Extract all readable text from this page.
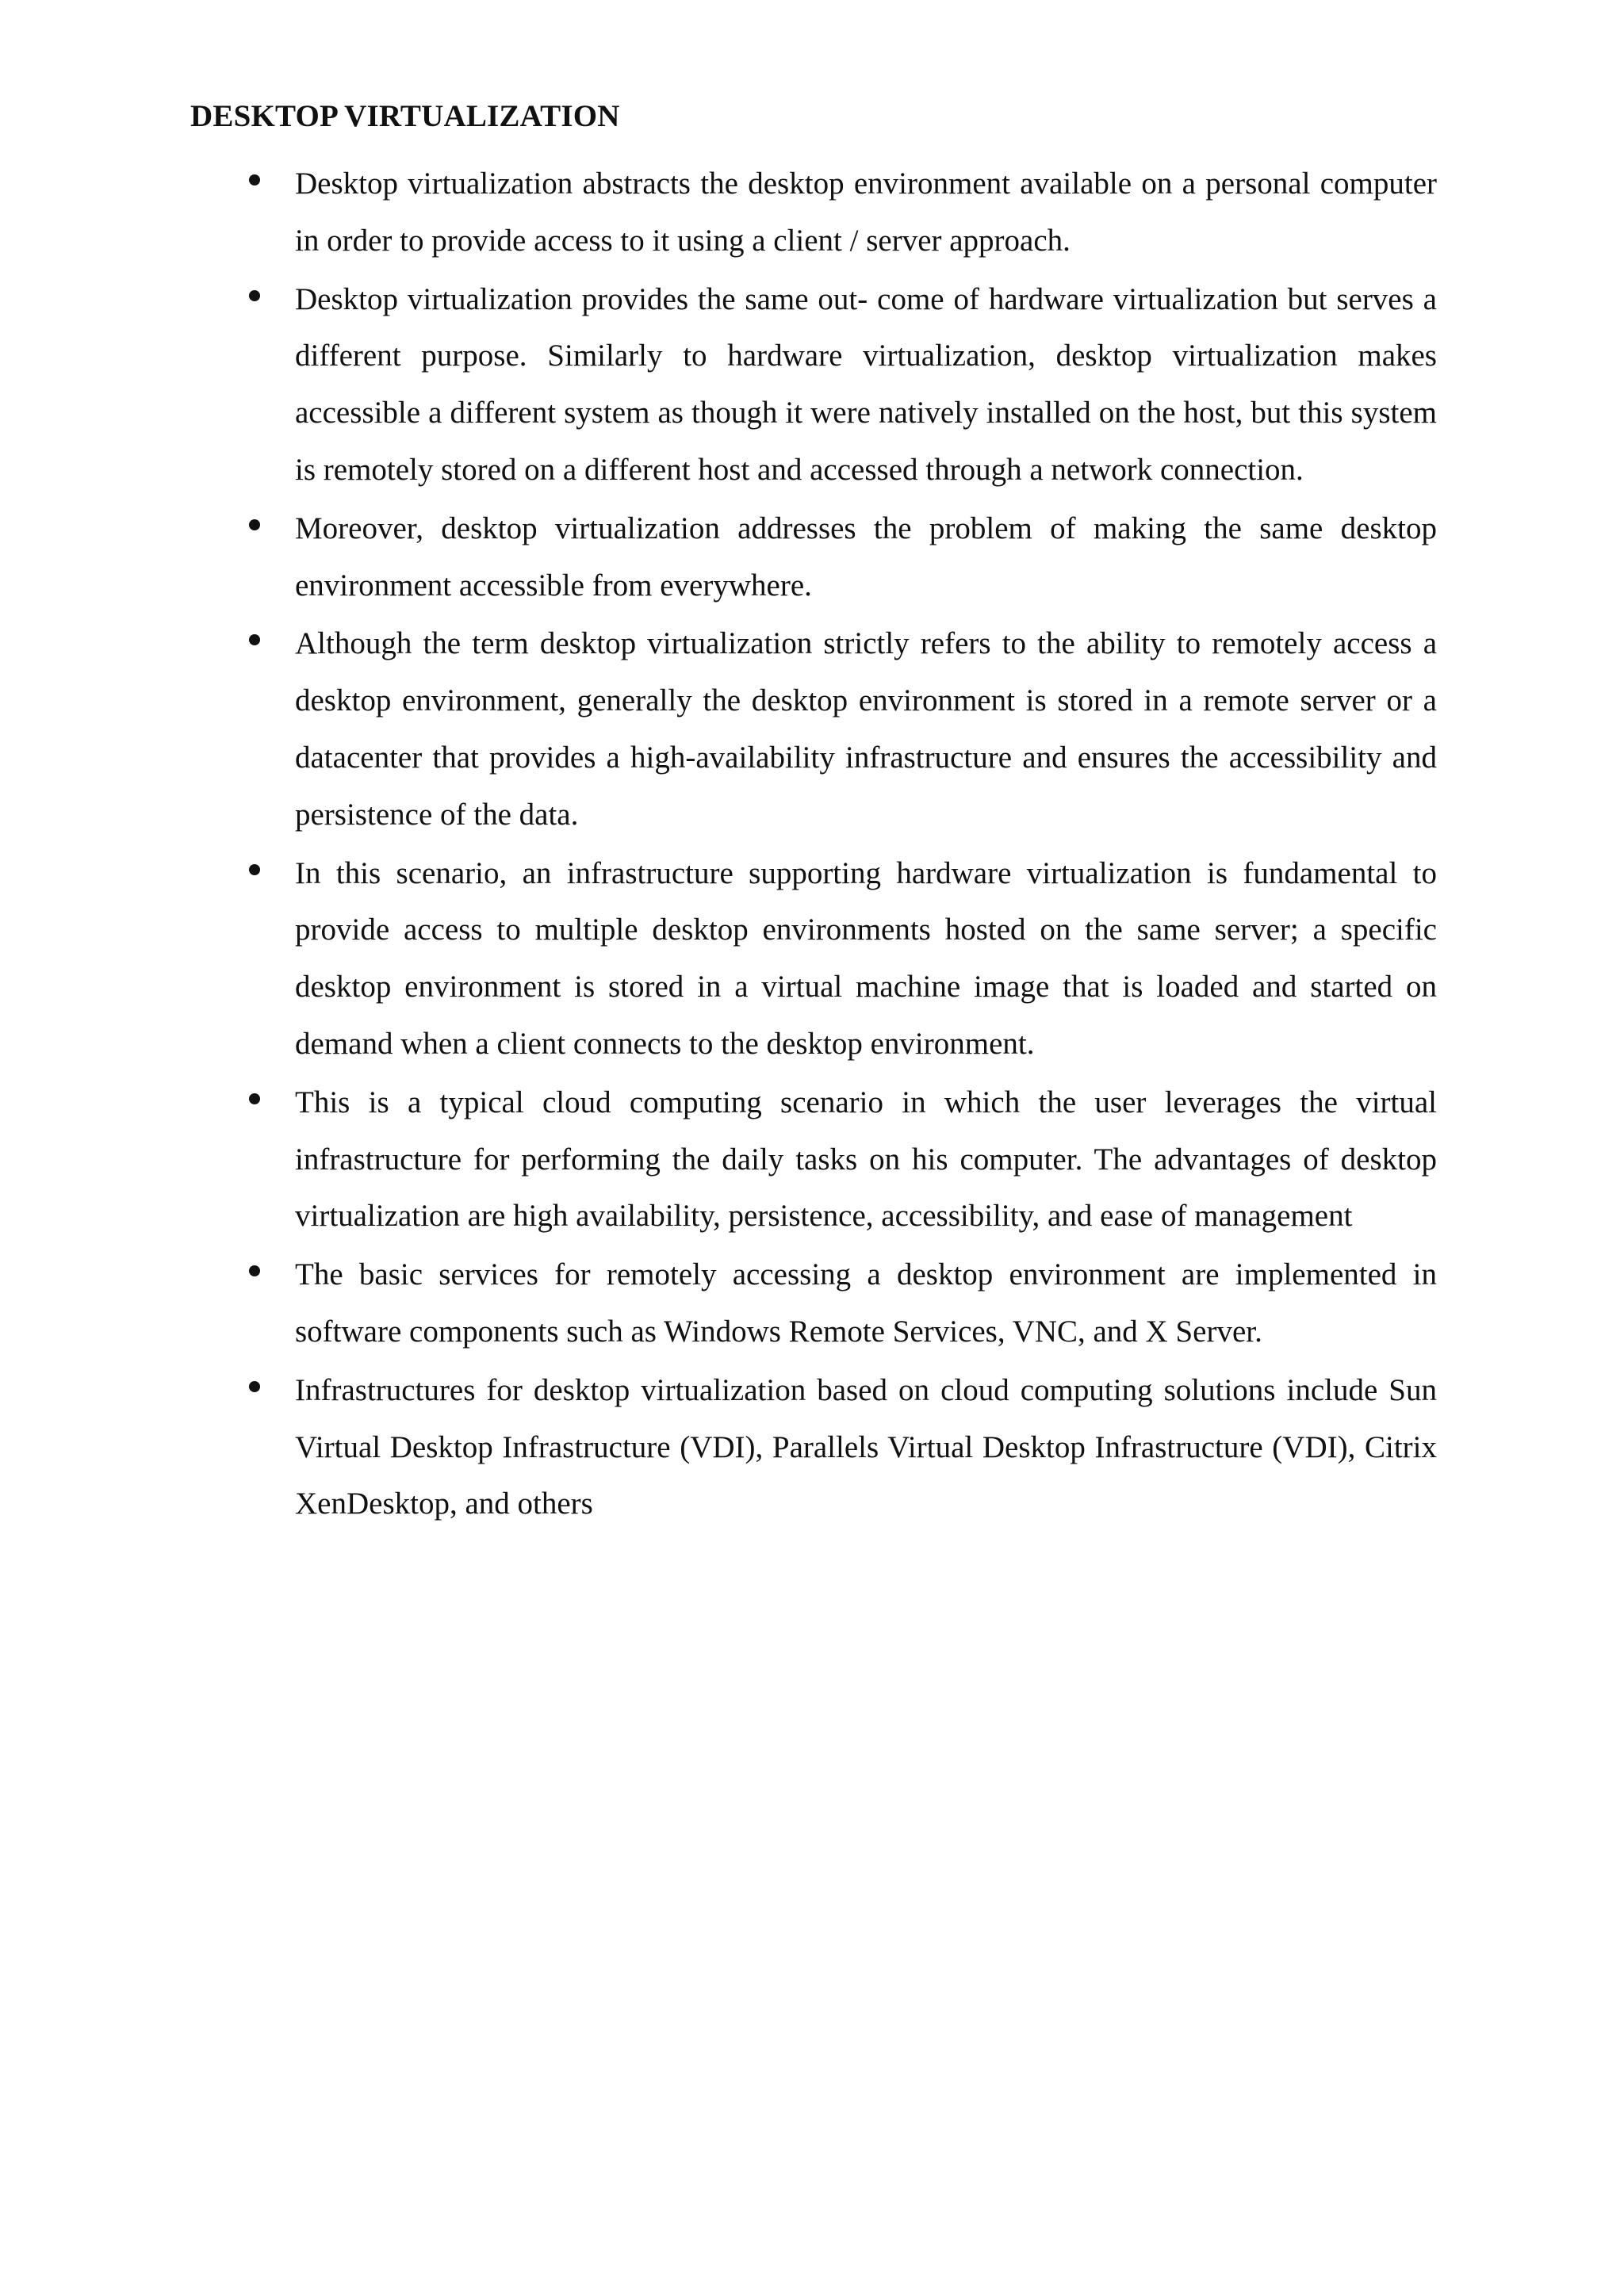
DESKTOP VIRTUALIZATION
Desktop virtualization abstracts the desktop environment available on a personal computer in order to provide access to it using a client / server approach.
Desktop virtualization provides the same out- come of hardware virtualization but serves a different purpose. Similarly to hardware virtualization, desktop virtualization makes accessible a different system as though it were natively installed on the host, but this system is remotely stored on a different host and accessed through a network connection.
Moreover, desktop virtualization addresses the problem of making the same desktop environment accessible from everywhere.
Although the term desktop virtualization strictly refers to the ability to remotely access a desktop environment, generally the desktop environment is stored in a remote server or a datacenter that provides a high-availability infrastructure and ensures the accessibility and persistence of the data.
In this scenario, an infrastructure supporting hardware virtualization is fundamental to provide access to multiple desktop environments hosted on the same server; a specific desktop environment is stored in a virtual machine image that is loaded and started on demand when a client connects to the desktop environment.
This is a typical cloud computing scenario in which the user leverages the virtual infrastructure for performing the daily tasks on his computer. The advantages of desktop virtualization are high availability, persistence, accessibility, and ease of management
The basic services for remotely accessing a desktop environment are implemented in software components such as Windows Remote Services, VNC, and X Server.
Infrastructures for desktop virtualization based on cloud computing solutions include Sun Virtual Desktop Infrastructure (VDI), Parallels Virtual Desktop Infrastructure (VDI), Citrix XenDesktop, and others
